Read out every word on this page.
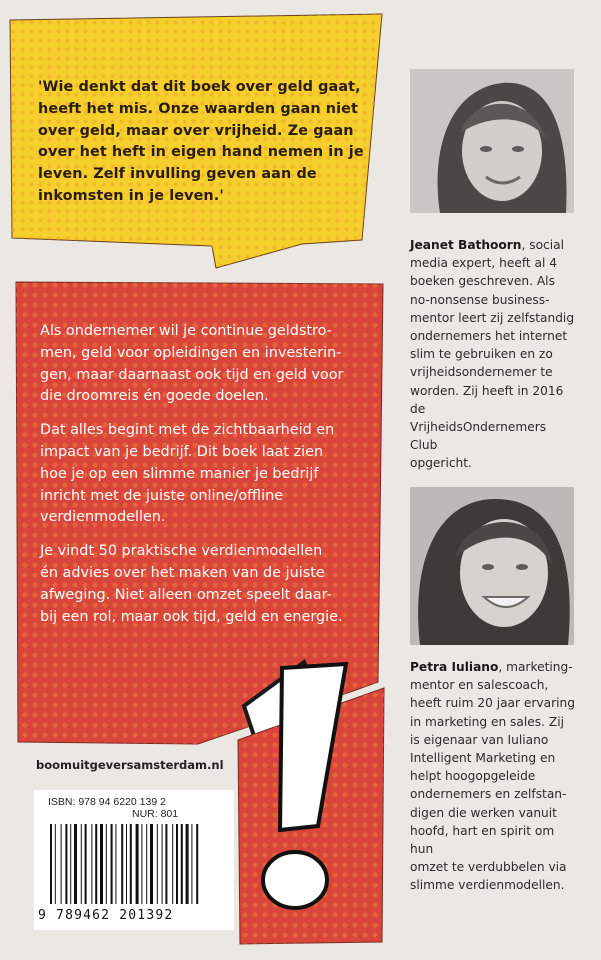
'Wie denkt dat dit boek over geld gaat,
heeft het mis. Onze waarden gaan niet
over geld, maar over vrijheid. Ze gaan
over het heft in eigen hand nemen in je
leven. Zelf invulling geven aan de
inkomsten in je leven.'

Als ondernemer wil je continue geldstro-
men, geld voor opleidingen en investerin-
gen, maar daarnaast ook tijd en geld voor
die droomreis én goede doelen.

Dat alles begint met de zichtbaarheid en
impact van je bedrijf. Dit boek laat zien
hoe je op een slimme manier je bedrijf
inricht met de juiste online/offline
verdienmodellen.

Je vindt 50 praktische verdienmodellen
én advies over het maken van de juiste
afweging. Niet alleen omzet speelt daar-
bij een rol, maar ook tijd, geld en energie.

Jeanet Bathoorn, social
media expert, heeft al 4
boeken geschreven. Als
no-nonsense business-
mentor leert zij zelfstandig
ondernemers het internet
slim te gebruiken en zo
vrijheidsondernemer te
worden. Zij heeft in 2016 de
VrijheidsOndernemers Club
opgericht.
Petra Iuliano, marketing-
mentor en salescoach,
heeft ruim 20 jaar ervaring
in marketing en sales. Zij
is eigenaar van Iuliano
Intelligent Marketing en
helpt hoogopgeleide
ondernemers en zelfstan-
digen die werken vanuit
hoofd, hart en spirit om hun
omzet te verdubbelen via
slimme verdienmodellen.
boomuitgeversamsterdam.nl
ISBN: 978 94 6220 139 2
NUR: 801
9 789462 201392
